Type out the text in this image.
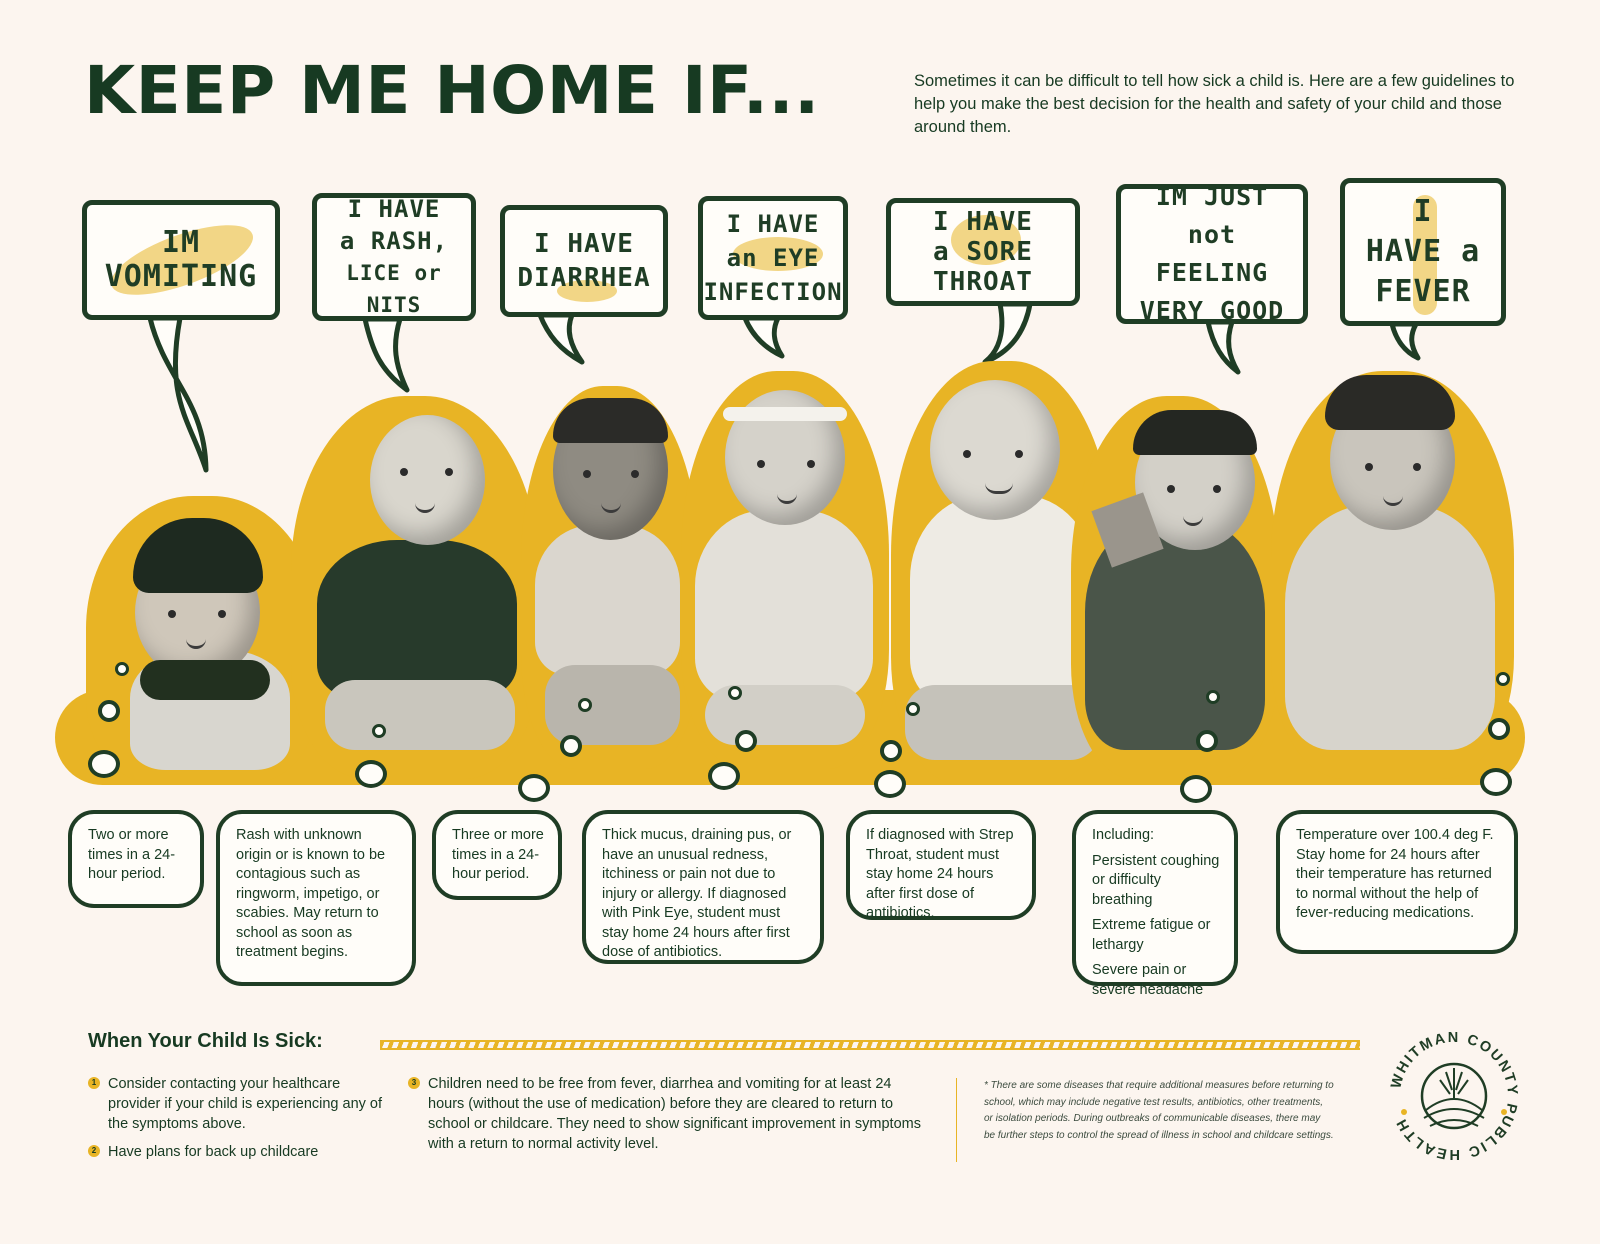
KEEP ME HOME IF...	Sometimes it can be difficult to tell how sick a child is. Here are a few guidelines to help you make the best decision for the health and safety of your child and those around them.
IM
VOMITING
I HAVE
a RASH,
LICE or NITS
I HAVE
DIARRHEA
I HAVE
an EYE
INFECTION
I HAVE
a SORE
THROAT
IM JUST
not FEELING
VERY GOOD
I
HAVE a
FEVER

Two or more times in a 24-hour period.

Rash with unknown origin or is known to be contagious such as ringworm, impetigo, or scabies. May return to school as soon as treatment begins.

Three or more times in a 24-hour period.

Thick mucus, draining pus, or have an unusual redness, itchiness or pain not due to injury or allergy. If diagnosed with Pink Eye, student must stay home 24 hours after first dose of antibiotics.

If diagnosed with Strep Throat, student must stay home 24 hours after first dose of antibiotics.

Including:

Persistent coughing or difficulty breathing

Extreme fatigue or lethargy

Severe pain or severe headache

Temperature over 100.4 deg F. Stay home for 24 hours after their temperature has returned to normal without the help of fever-reducing medications.

When Your Child Is Sick:
1 Consider contacting your healthcare provider if your child is experiencing any of the symptoms above.
2 Have plans for back up childcare
3 Children need to be free from fever, diarrhea and vomiting for at least 24 hours (without the use of medication) before they are cleared to return to school or childcare. They need to show significant improvement in symptoms with a return to normal activity level.
* There are some diseases that require additional measures before returning to school, which may include negative test results, antibiotics, other treatments, or isolation periods. During outbreaks of communicable diseases, there may be further steps to control the spread of illness in school and childcare settings.
WHITMAN COUNTY PUBLIC HEALTH
